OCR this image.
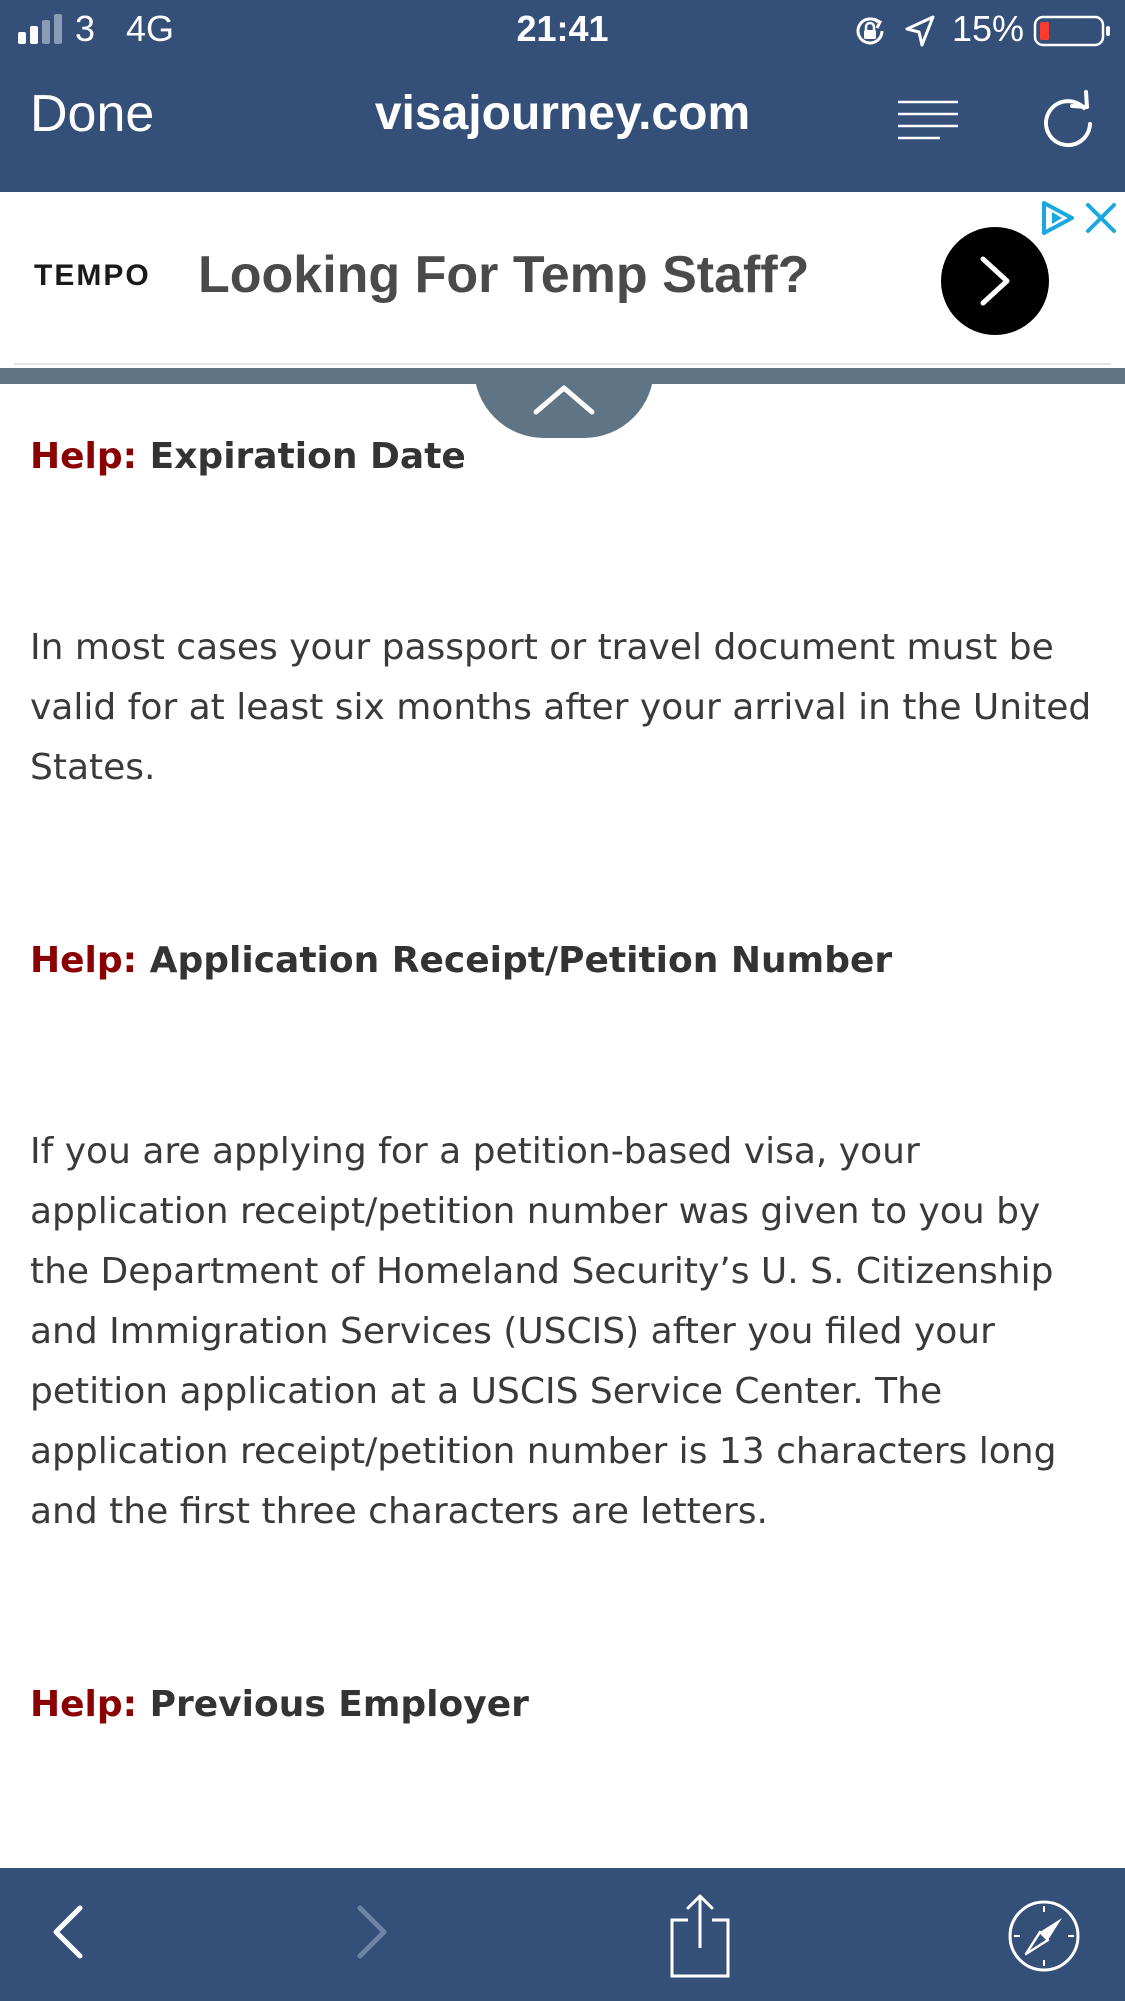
3 4G	21:41	15%
Done	visajourney.com
TEMPO Looking For Temp Staff?
Help: Expiration Date

In most cases your passport or travel document must be valid for at least six months after your arrival in the United States.

Help: Application Receipt/Petition Number

If you are applying for a petition-based visa, your application receipt/petition number was given to you by the Department of Homeland Security’s U. S. Citizenship and Immigration Services (USCIS) after you filed your petition application at a USCIS Service Center. The application receipt/petition number is 13 characters long and the first three characters are letters.

Help: Previous Employer
